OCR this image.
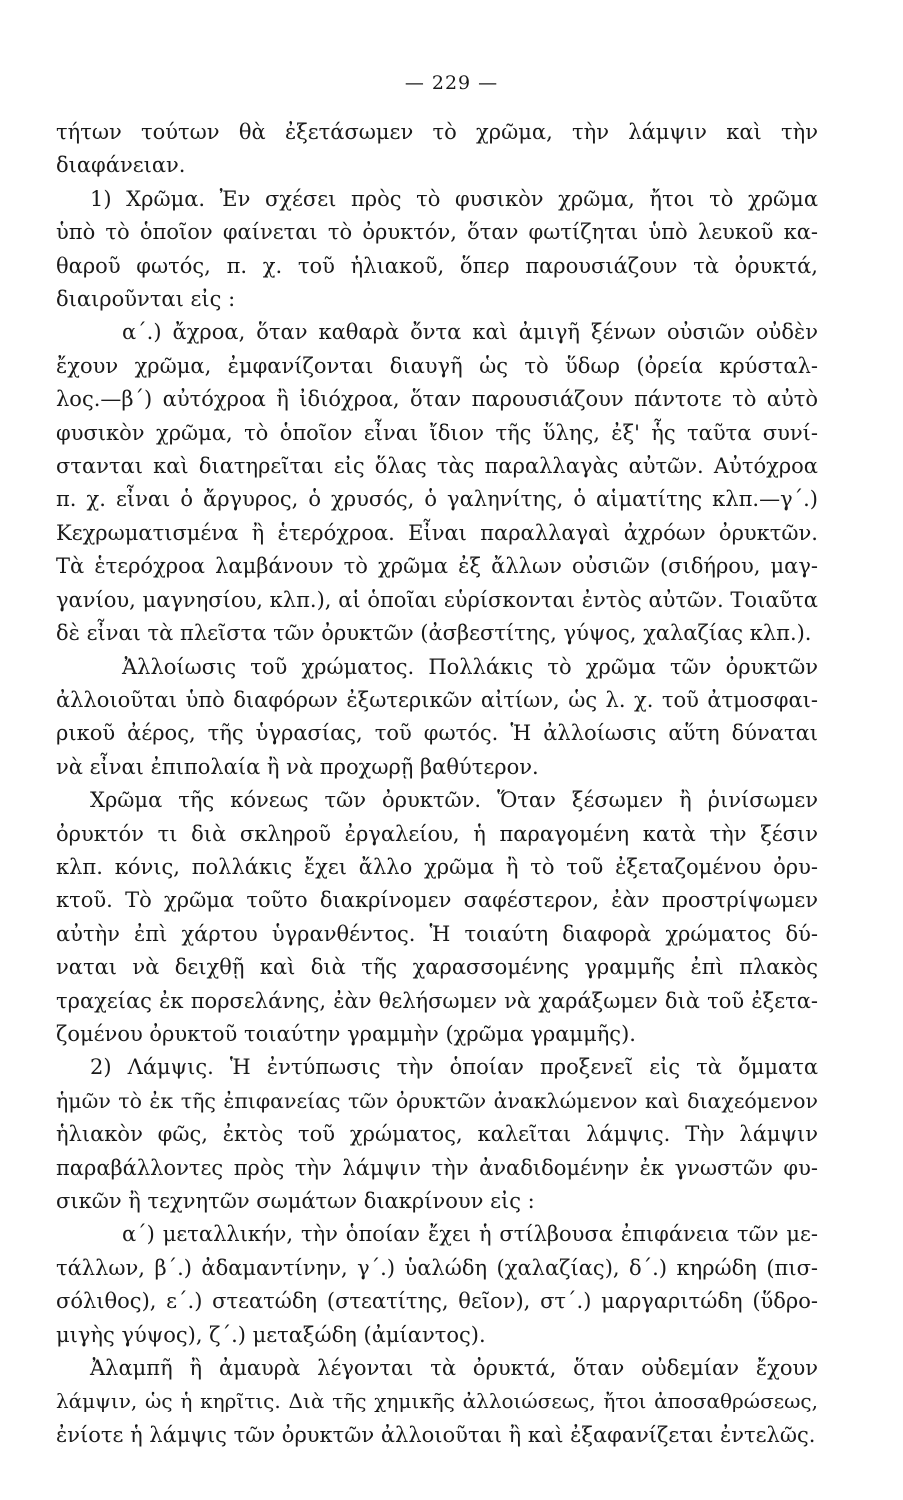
— 229 —
τήτων τούτων θὰ ἐξετάσωμεν τὸ χρῶμα, τὴν λάμψιν καὶ τὴν
διαφάνειαν.
1) Χρῶμα. Ἐν σχέσει πρὸς τὸ φυσικὸν χρῶμα, ἤτοι τὸ χρῶμα
ὑπὸ τὸ ὁποῖον φαίνεται τὸ ὀρυκτόν, ὅταν φωτίζηται ὑπὸ λευκοῦ κα-
θαροῦ φωτός, π. χ. τοῦ ἡλιακοῦ, ὅπερ παρουσιάζουν τὰ ὀρυκτά,
διαιροῦνται εἰς :
α΄.) ἄχροα, ὅταν καθαρὰ ὄντα καὶ ἀμιγῆ ξένων οὐσιῶν οὐδὲν
ἔχουν χρῶμα, ἐμφανίζονται διαυγῆ ὡς τὸ ὕδωρ (ὀρεία κρύσταλ-
λος.—β΄) αὐτόχροα ἢ ἰδιόχροα, ὅταν παρουσιάζουν πάντοτε τὸ αὐτὸ
φυσικὸν χρῶμα, τὸ ὁποῖον εἶναι ἴδιον τῆς ὕλης, ἐξ' ἧς ταῦτα συνί-
στανται καὶ διατηρεῖται εἰς ὅλας τὰς παραλλαγὰς αὐτῶν. Αὐτόχροα
π. χ. εἶναι ὁ ἄργυρος, ὁ χρυσός, ὁ γαληνίτης, ὁ αἱματίτης κλπ.—γ΄.)
Κεχρωματισμένα ἢ ἑτερόχροα. Εἶναι παραλλαγαὶ ἀχρόων ὀρυκτῶν.
Τὰ ἑτερόχροα λαμβάνουν τὸ χρῶμα ἐξ ἄλλων οὐσιῶν (σιδήρου, μαγ-
γανίου, μαγνησίου, κλπ.), αἱ ὁποῖαι εὑρίσκονται ἐντὸς αὐτῶν. Τοιαῦτα
δὲ εἶναι τὰ πλεῖστα τῶν ὀρυκτῶν (ἀσβεστίτης, γύψος, χαλαζίας κλπ.).
Ἀλλοίωσις τοῦ χρώματος. Πολλάκις τὸ χρῶμα τῶν ὀρυκτῶν
ἀλλοιοῦται ὑπὸ διαφόρων ἐξωτερικῶν αἰτίων, ὡς λ. χ. τοῦ ἀτμοσφαι-
ρικοῦ ἀέρος, τῆς ὑγρασίας, τοῦ φωτός. Ἡ ἀλλοίωσις αὕτη δύναται
νὰ εἶναι ἐπιπολαία ἢ νὰ προχωρῇ βαθύτερον.
Χρῶμα τῆς κόνεως τῶν ὀρυκτῶν. Ὅταν ξέσωμεν ἢ ῥινίσωμεν
ὀρυκτόν τι διὰ σκληροῦ ἐργαλείου, ἡ παραγομένη κατὰ τὴν ξέσιν
κλπ. κόνις, πολλάκις ἔχει ἄλλο χρῶμα ἢ τὸ τοῦ ἐξεταζομένου ὀρυ-
κτοῦ. Τὸ χρῶμα τοῦτο διακρίνομεν σαφέστερον, ἐὰν προστρίψωμεν
αὐτὴν ἐπὶ χάρτου ὑγρανθέντος. Ἡ τοιαύτη διαφορὰ χρώματος δύ-
ναται νὰ δειχθῇ καὶ διὰ τῆς χαρασσομένης γραμμῆς ἐπὶ πλακὸς
τραχείας ἐκ πορσελάνης, ἐὰν θελήσωμεν νὰ χαράξωμεν διὰ τοῦ ἐξετα-
ζομένου ὀρυκτοῦ τοιαύτην γραμμὴν (χρῶμα γραμμῆς).
2) Λάμψις. Ἡ ἐντύπωσις τὴν ὁποίαν προξενεῖ εἰς τὰ ὄμματα
ἡμῶν τὸ ἐκ τῆς ἐπιφανείας τῶν ὀρυκτῶν ἀνακλώμενον καὶ διαχεόμενον
ἡλιακὸν φῶς, ἐκτὸς τοῦ χρώματος, καλεῖται λάμψις. Τὴν λάμψιν
παραβάλλοντες πρὸς τὴν λάμψιν τὴν ἀναδιδομένην ἐκ γνωστῶν φυ-
σικῶν ἢ τεχνητῶν σωμάτων διακρίνουν εἰς :
α΄) μεταλλικήν, τὴν ὁποίαν ἔχει ἡ στίλβουσα ἐπιφάνεια τῶν με-
τάλλων, β΄.) ἀδαμαντίνην, γ΄.) ὑαλώδη (χαλαζίας), δ΄.) κηρώδη (πισ-
σόλιθος), ε΄.) στεατώδη (στεατίτης, θεῖον), στ΄.) μαργαριτώδη (ὕδρο-
μιγὴς γύψος), ζ΄.) μεταξώδη (ἀμίαντος).
Ἀλαμπῆ ἢ ἀμαυρὰ λέγονται τὰ ὀρυκτά, ὅταν οὐδεμίαν ἔχουν
λάμψιν, ὡς ἡ κηρῖτις. Διὰ τῆς χημικῆς ἀλλοιώσεως, ἤτοι ἀποσαθρώσεως,
ἐνίοτε ἡ λάμψις τῶν ὀρυκτῶν ἀλλοιοῦται ἢ καὶ ἐξαφανίζεται ἐντελῶς.
